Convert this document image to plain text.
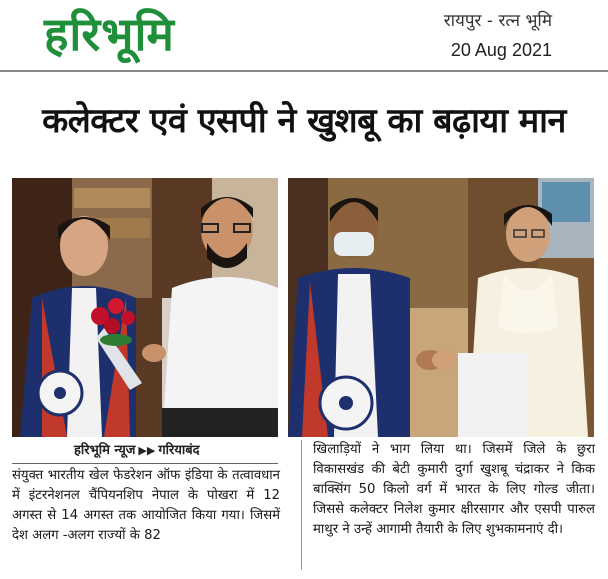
हरिभूमि	रायपुर - रत्न भूमि
20 Aug 2021
कलेक्टर एवं एसपी ने खुशबू का बढ़ाया मान
हरिभूमि न्यूज ▶▶ गरियाबंद

संयुक्त भारतीय खेल फेडरेशन ऑफ इंडिया के तत्वावधान में इंटरनेशनल चैंपियनशिप नेपाल के पोखरा में 12 अगस्त से 14 अगस्त तक आयोजित किया गया। जिसमें देश अलग -अलग राज्यों के 82

खिलाड़ियों ने भाग लिया था। जिसमें जिले के छुरा विकासखंड की बेटी कुमारी दुर्गा खुशबू चंद्राकर ने किक बाक्सिंग 50 किलो वर्ग में भारत के लिए गोल्ड जीता। जिससे कलेक्टर निलेश कुमार क्षीरसागर और एसपी पारुल माथुर ने उन्हें आगामी तैयारी के लिए शुभकामनाएं दी।
